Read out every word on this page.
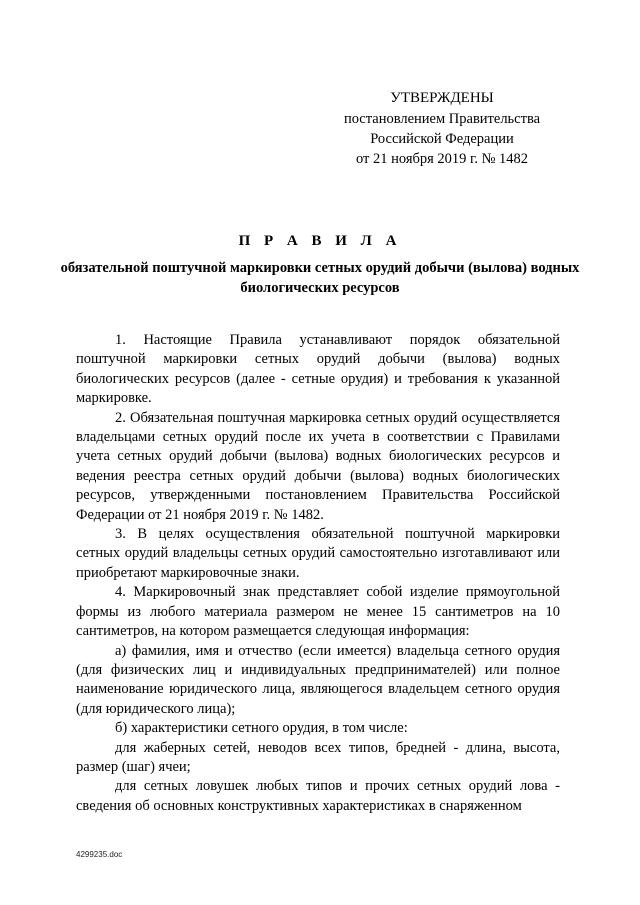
УТВЕРЖДЕНЫ
постановлением Правительства
Российской Федерации
от 21 ноября 2019 г. № 1482
П Р А В И Л А
обязательной поштучной маркировки сетных орудий добычи (вылова) водных биологических ресурсов

1. Настоящие Правила устанавливают порядок обязательной поштучной маркировки сетных орудий добычи (вылова) водных биологических ресурсов (далее - сетные орудия) и требования к указанной маркировке.

2. Обязательная поштучная маркировка сетных орудий осуществляется владельцами сетных орудий после их учета в соответствии с Правилами учета сетных орудий добычи (вылова) водных биологических ресурсов и ведения реестра сетных орудий добычи (вылова) водных биологических ресурсов, утвержденными постановлением Правительства Российской Федерации от 21 ноября 2019 г. № 1482.

3. В целях осуществления обязательной поштучной маркировки сетных орудий владельцы сетных орудий самостоятельно изготавливают или приобретают маркировочные знаки.

4. Маркировочный знак представляет собой изделие прямоугольной формы из любого материала размером не менее 15 сантиметров на 10 сантиметров, на котором размещается следующая информация:

а) фамилия, имя и отчество (если имеется) владельца сетного орудия (для физических лиц и индивидуальных предпринимателей) или полное наименование юридического лица, являющегося владельцем сетного орудия (для юридического лица);

б) характеристики сетного орудия, в том числе:

для жаберных сетей, неводов всех типов, бредней - длина, высота, размер (шаг) ячеи;

для сетных ловушек любых типов и прочих сетных орудий лова - сведения об основных конструктивных характеристиках в снаряженном

4299235.doc
